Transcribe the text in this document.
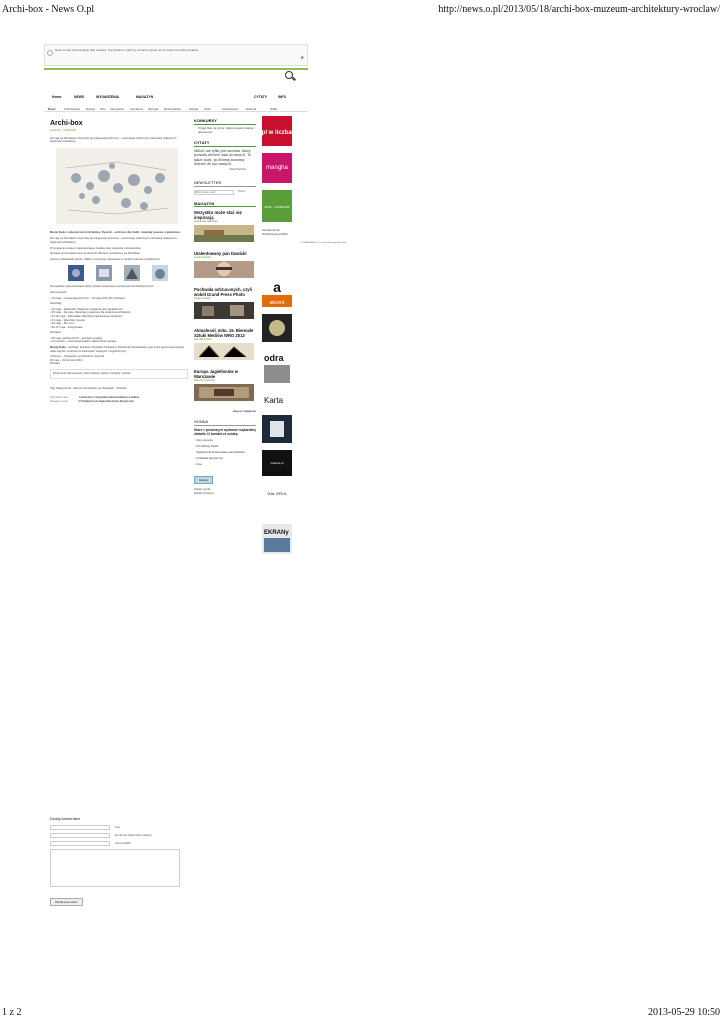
Archi-box - News O.pl	http://news.o.pl/2013/05/18/archi-box-muzeum-architektury-wroclaw/
Nasz serwis wykorzystuje pliki cookies. Korzystanie z witryny oznacza zgodę na ich zapis lub wykorzystanie.
✕
Home	NEWS	WYDARZENIA	MAGAZYN	CYTATY	INFO
News	Architektura Design Film Fotografia Literatura Muzyka Nowe Media	Sztuka Teatr	Architektura	Historia	Walki
Archi-box
Archi-box · 18.05.2013
18 maja we Wrocławiu rozpoczęły się inauguracje Archi-box – prezentacje cyklicznych prezentacji najlepszych dyplomów architektury
Maciej Siuda i Laboratorium Architektury, Rysunki – archi-box dla źródło: materiały prasowe organizatora

18 maja we Wrocławiu rozpoczęły się inauguracje Archi-box – prezentacje cyklicznych prezentacji najlepszych dyplomów architektury.

W programie wystawy zaprezentowane zostały prace studentów i absolwentów.

Wystawa prezentowana jest w przestrzeni Muzeum Architektury we Wrocławiu.

Autorzy przedstawili rysunki, makiety i koncepcje realizowane w ramach pracowni projektowych.

Na wystawie zaprezentowano także projekty wyróżnione w konkursach architektonicznych.

Harmonogram:

• 18 maja – inauguracja Archi-box – 19 maja 2013 (Noc Muzeów)

Warsztaty:

• 19 maja – Zakamarki. Warsztaty projektowe dla najmłodszych
• 25 maja – Na styku. Warsztaty projektowe dla studentów architektury
• 20–22 maja – Mikroskala. Warsztat projektowania przestrzeni
• 24 maja – Warsztaty rysunku
• 26 maja – Box scen
• 26–27 maja – Rozgrzewka

Wystawa:

• 28 maja, godzina 18.00 – wernisaż wystawy
• 23 czerwca – prezentacja książki i zakończenie wystawy

Maciej Siuda – architekt, absolwent Wydziału Architektury Politechniki Wrocławskiej, jego praca dyplomowa zdobyła wiele nagród i wyróżnień w konkursach krajowych i zagranicznych.

Archi-box – Opowieści o architekturze. Rysunki
18 maja – 23 czerwca 2013 r.
Wrocław

Wydarzenie dla pracowni, szkół, kolekcji i galerii, produkcji i wystaw.
Tagi: Maciej Siuda · Muzeum Architektury we Wrocławiu · Wrocław
Poprzedni news	Lali Hunter z fotografią dokumentalną w Lublinie
Następny news	O Polakach w 2 etapie Electrolux Design Lab
KONKURSY
Przyjęli blaty na stronę, zdjęcia projektu Gdańsk i gleę Europa
CYTATY
Miłość nie tylko jest mostem, który pozwala dotrzeć nam do innych. To także most, po którym możemy dotrzeć do nas samych.
Józef Tischner
NEWSLETTER
Wpisz adres e-mail...
Zapisz
MAGAZYN
Wszystko może stać się inspiracją
Aleksandra Jabłońska
Utalentowany pan Dawicki
Jacek Szulerski
Pochwała odrzuconych, czyli wokół Grand Press Photo
Łukasz Cięślak
Aktualność mitu. 15. Biennale Sztuki Mediów WRO 2013
Ewa Wilczyńska
Europa Jagiellonów w Warszawie
Mateusz Trzebiński
więcej z magazynu
SONDA
Które z poniższych wydarzeń najbardziej ułatwiło Ci kontakt ze sztuką:
○ Noc muzeów
○ Dni Wolnej Sztuki
○ Wydarzenia finansowane samodzielnie
○ Festiwale artystyczne
○ Inne
Głosuj
Zobacz wyniki
Zobacz archiwum
O.pl w liczbach

mangha

11/05 – 23/06/2015
Ośrodek Sztuki Współczesnej ŁAŹNIA
a
akcent

odra

Karta

Culture.pl

GAL ERI A

EKRANy
Dodaj komentarz
Imię
E-mail (do wiadomości redakcji)
Strona WWW
Wyślij komentarz
© O.REKLAMY & Co. Lunch Sensory Spot Free
1 z 2	2013-05-29 10:50
